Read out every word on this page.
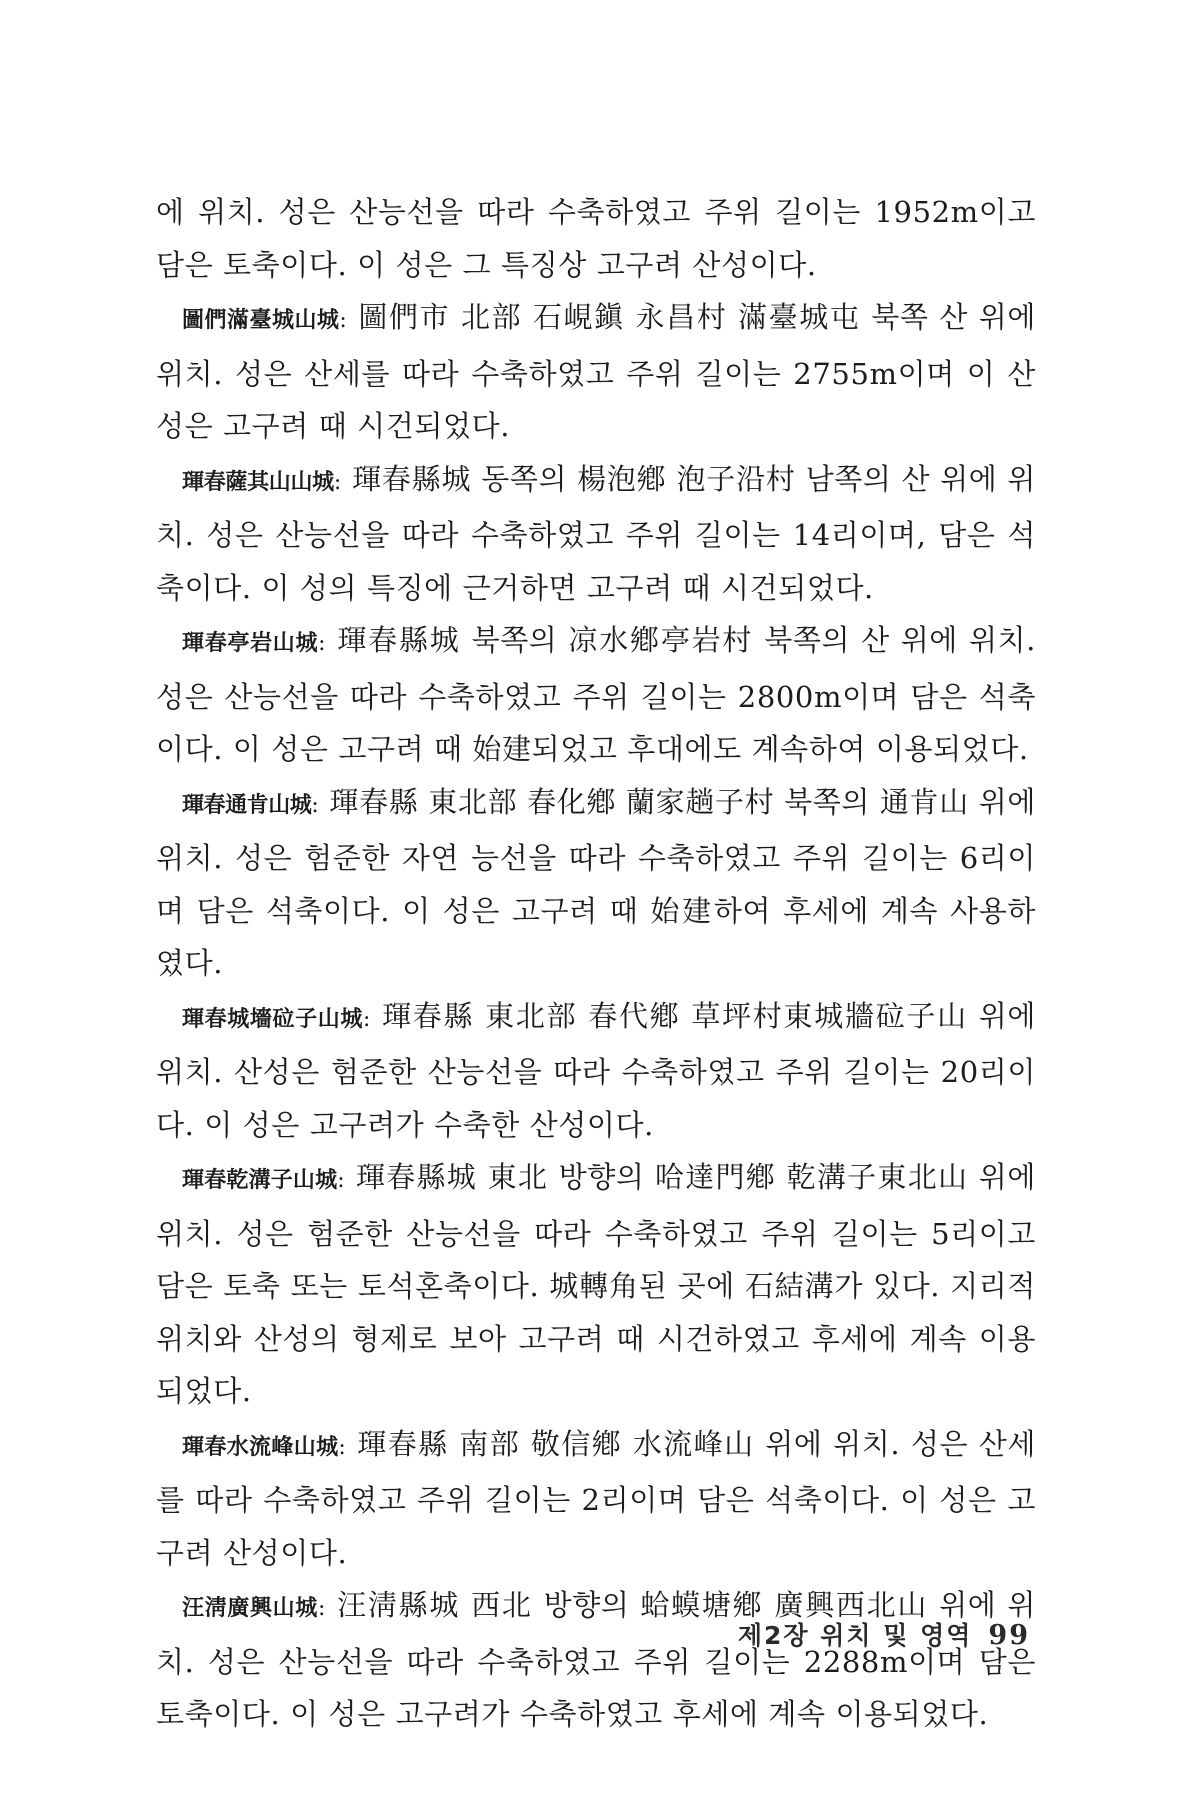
에 위치. 성은 산능선을 따라 수축하였고 주위 길이는 1952m이고 담은 토축이다. 이 성은 그 특징상 고구려 산성이다.

圖們滿臺城山城: 圖們市 北部 石峴鎭 永昌村 滿臺城屯 북쪽 산 위에 위치. 성은 산세를 따라 수축하였고 주위 길이는 2755m이며 이 산성은 고구려 때 시건되었다.

琿春薩其山山城: 琿春縣城 동쪽의 楊泡鄕 泡子沿村 남쪽의 산 위에 위치. 성은 산능선을 따라 수축하였고 주위 길이는 14리이며, 담은 석축이다. 이 성의 특징에 근거하면 고구려 때 시건되었다.

琿春亭岩山城: 琿春縣城 북쪽의 凉水鄕亭岩村 북쪽의 산 위에 위치. 성은 산능선을 따라 수축하였고 주위 길이는 2800m이며 담은 석축이다. 이 성은 고구려 때 始建되었고 후대에도 계속하여 이용되었다.

琿春通肯山城: 琿春縣 東北部 春化鄕 蘭家趟子村 북쪽의 通肯山 위에 위치. 성은 험준한 자연 능선을 따라 수축하였고 주위 길이는 6리이며 담은 석축이다. 이 성은 고구려 때 始建하여 후세에 계속 사용하였다.

琿春城墻砬子山城: 琿春縣 東北部 春代鄕 草坪村東城牆砬子山 위에 위치. 산성은 험준한 산능선을 따라 수축하였고 주위 길이는 20리이다. 이 성은 고구려가 수축한 산성이다.

琿春乾溝子山城: 琿春縣城 東北 방향의 哈達門鄕 乾溝子東北山 위에 위치. 성은 험준한 산능선을 따라 수축하였고 주위 길이는 5리이고 담은 토축 또는 토석혼축이다. 城轉角된 곳에 石結溝가 있다. 지리적 위치와 산성의 형제로 보아 고구려 때 시건하였고 후세에 계속 이용되었다.

琿春水流峰山城: 琿春縣 南部 敬信鄕 水流峰山 위에 위치. 성은 산세를 따라 수축하였고 주위 길이는 2리이며 담은 석축이다. 이 성은 고구려 산성이다.

汪淸廣興山城: 汪淸縣城 西北 방향의 蛤蟆塘鄕 廣興西北山 위에 위치. 성은 산능선을 따라 수축하였고 주위 길이는 2288m이며 담은 토축이다. 이 성은 고구려가 수축하였고 후세에 계속 이용되었다.

제2장 위치 및 영역 99
